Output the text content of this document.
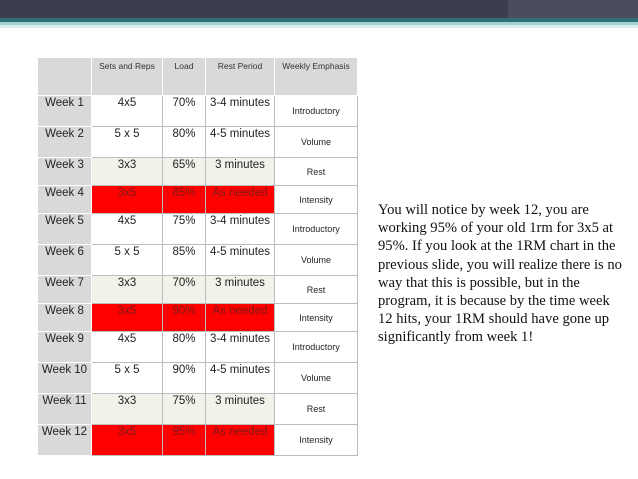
	Sets and Reps	Load	Rest Period	Weekly Emphasis
Week 1	4x5	70%	3-4 minutes	Introductory
Week 2	5 x 5	80%	4-5 minutes	Volume
Week 3	3x3	65%	3 minutes	Rest
Week 4	3x5	85%	As needed	Intensity
Week 5	4x5	75%	3-4 minutes	Introductory
Week 6	5 x 5	85%	4-5 minutes	Volume
Week 7	3x3	70%	3 minutes	Rest
Week 8	3x5	90%	As needed	Intensity
Week 9	4x5	80%	3-4 minutes	Introductory
Week 10	5 x 5	90%	4-5 minutes	Volume
Week 11	3x3	75%	3 minutes	Rest
Week 12	3x5	95%	As needed	Intensity
You will notice by week 12, you are working 95% of your old 1rm for 3x5 at 95%. If you look at the 1RM chart in the previous slide, you will realize there is no way that this is possible, but in the program, it is because by the time week 12 hits, your 1RM should have gone up significantly from week 1!
